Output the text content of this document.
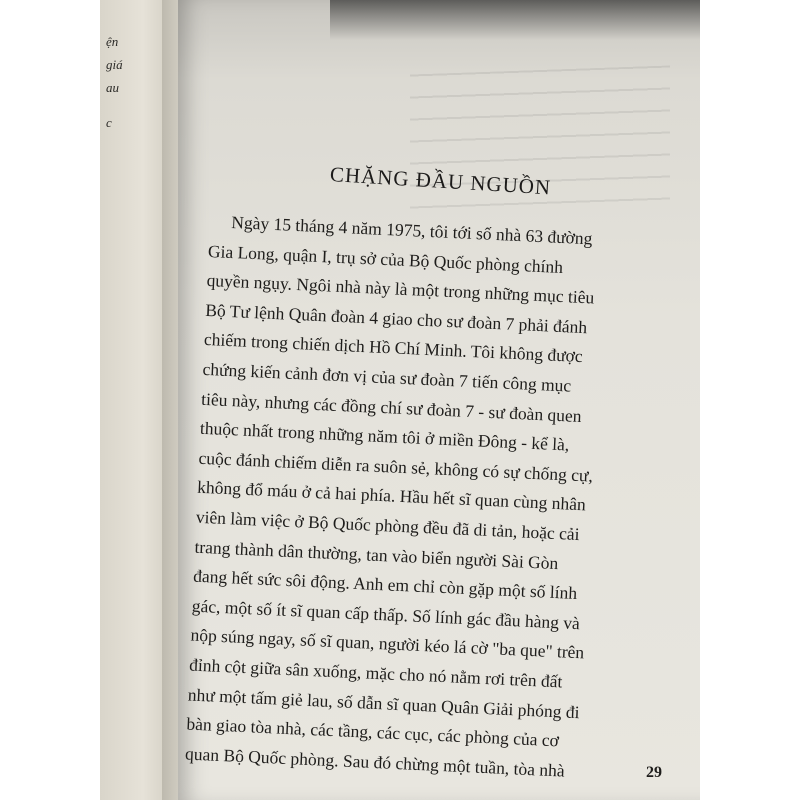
ện
giá
au
c
CHẶNG ĐẦU NGUỒN
Ngày 15 tháng 4 năm 1975, tôi tới số nhà 63 đường
Gia Long, quận I, trụ sở của Bộ Quốc phòng chính
quyền ngụy. Ngôi nhà này là một trong những mục tiêu
Bộ Tư lệnh Quân đoàn 4 giao cho sư đoàn 7 phải đánh
chiếm trong chiến dịch Hồ Chí Minh. Tôi không được
chứng kiến cảnh đơn vị của sư đoàn 7 tiến công mục
tiêu này, nhưng các đồng chí sư đoàn 7 - sư đoàn quen
thuộc nhất trong những năm tôi ở miền Đông - kể là,
cuộc đánh chiếm diễn ra suôn sẻ, không có sự chống cự,
không đổ máu ở cả hai phía. Hầu hết sĩ quan cùng nhân
viên làm việc ở Bộ Quốc phòng đều đã di tản, hoặc cải
trang thành dân thường, tan vào biển người Sài Gòn
đang hết sức sôi động. Anh em chỉ còn gặp một số lính
gác, một số ít sĩ quan cấp thấp. Số lính gác đầu hàng và
nộp súng ngay, số sĩ quan, người kéo lá cờ "ba que" trên
đỉnh cột giữa sân xuống, mặc cho nó nằm rơi trên đất
như một tấm giẻ lau, số dẫn sĩ quan Quân Giải phóng đi
bàn giao tòa nhà, các tầng, các cục, các phòng của cơ
quan Bộ Quốc phòng. Sau đó chừng một tuần, tòa nhà	29
